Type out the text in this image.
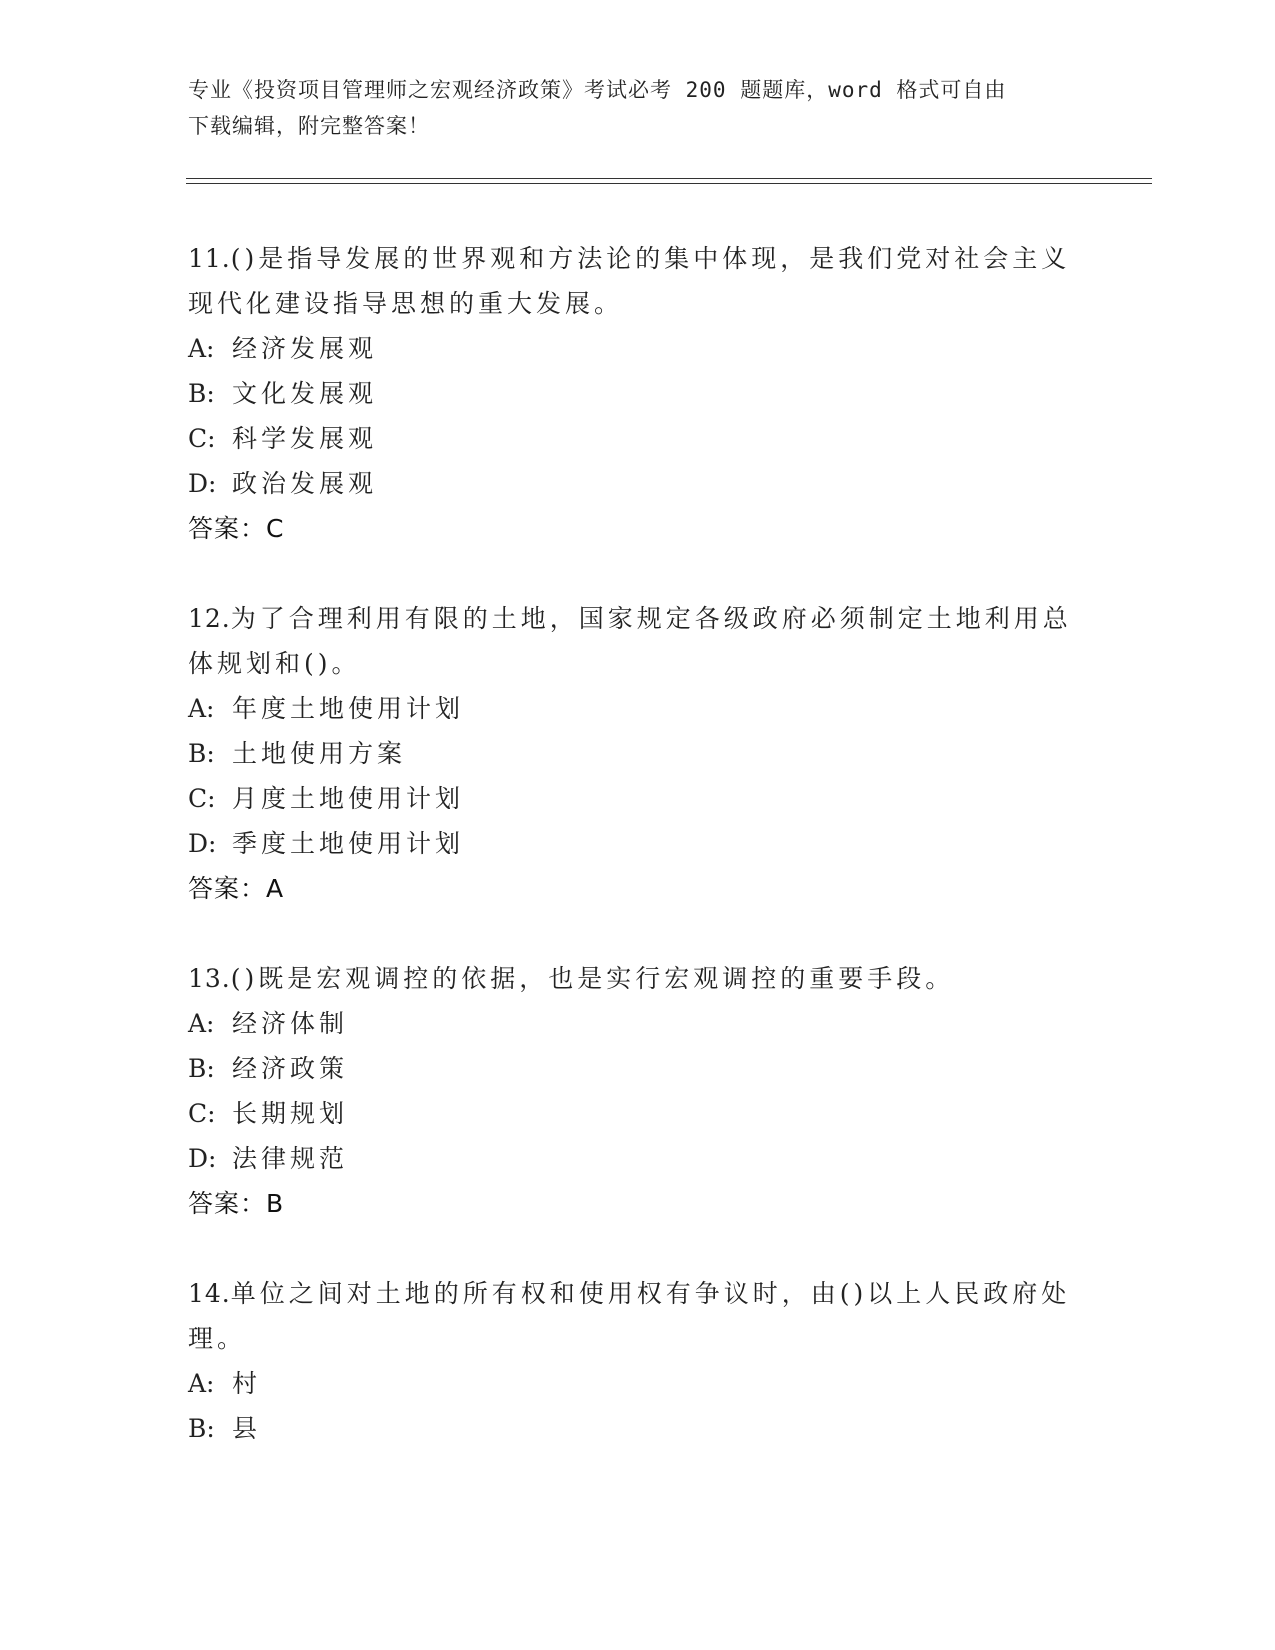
专业《投资项目管理师之宏观经济政策》考试必考 200 题题库，word 格式可自由
下载编辑，附完整答案！
11.()是指导发展的世界观和方法论的集中体现，是我们党对社会主义
现代化建设指导思想的重大发展。
A: 经济发展观
B: 文化发展观
C: 科学发展观
D: 政治发展观
答案：C
12.为了合理利用有限的土地，国家规定各级政府必须制定土地利用总
体规划和()。
A: 年度土地使用计划
B: 土地使用方案
C: 月度土地使用计划
D: 季度土地使用计划
答案：A
13.()既是宏观调控的依据，也是实行宏观调控的重要手段。
A: 经济体制
B: 经济政策
C: 长期规划
D: 法律规范
答案：B
14.单位之间对土地的所有权和使用权有争议时，由()以上人民政府处
理。
A: 村
B: 县
